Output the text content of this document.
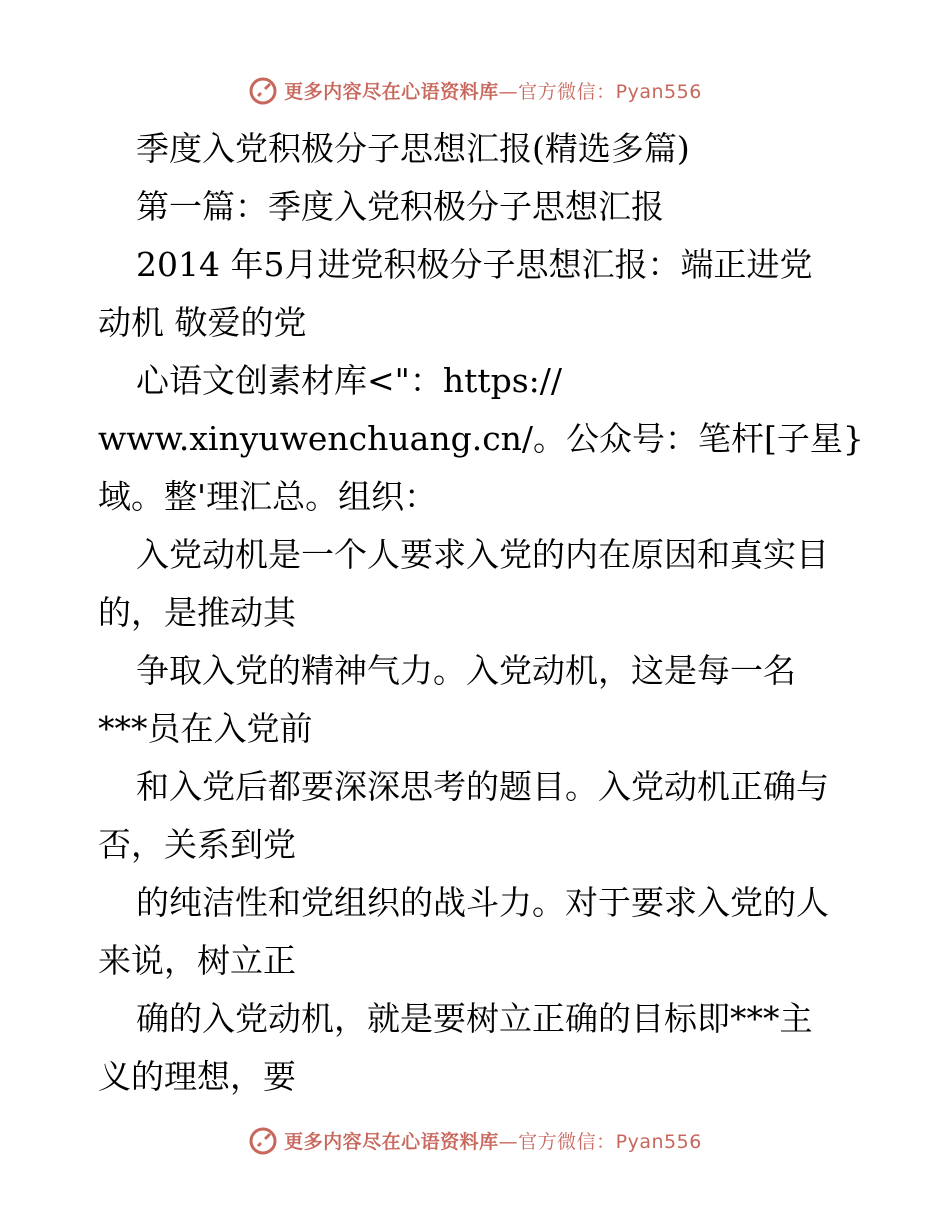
更多内容尽在心语资料库—官方微信：Pyan556
季度入党积极分子思想汇报(精选多篇)
第一篇：季度入党积极分子思想汇报
2014 年5月进党积极分子思想汇报：端正进党
动机 敬爱的党
心语文创素材库<"：https://
www.xinyuwenchuang.cn/。公众号：笔杆[子星}
域。整'理汇总。组织：
入党动机是一个人要求入党的内在原因和真实目
的，是推动其
争取入党的精神气力。入党动机，这是每一名
***员在入党前
和入党后都要深深思考的题目。入党动机正确与
否，关系到党
的纯洁性和党组织的战斗力。对于要求入党的人
来说，树立正
确的入党动机，就是要树立正确的目标即***主
义的理想，要
更多内容尽在心语资料库—官方微信：Pyan556
